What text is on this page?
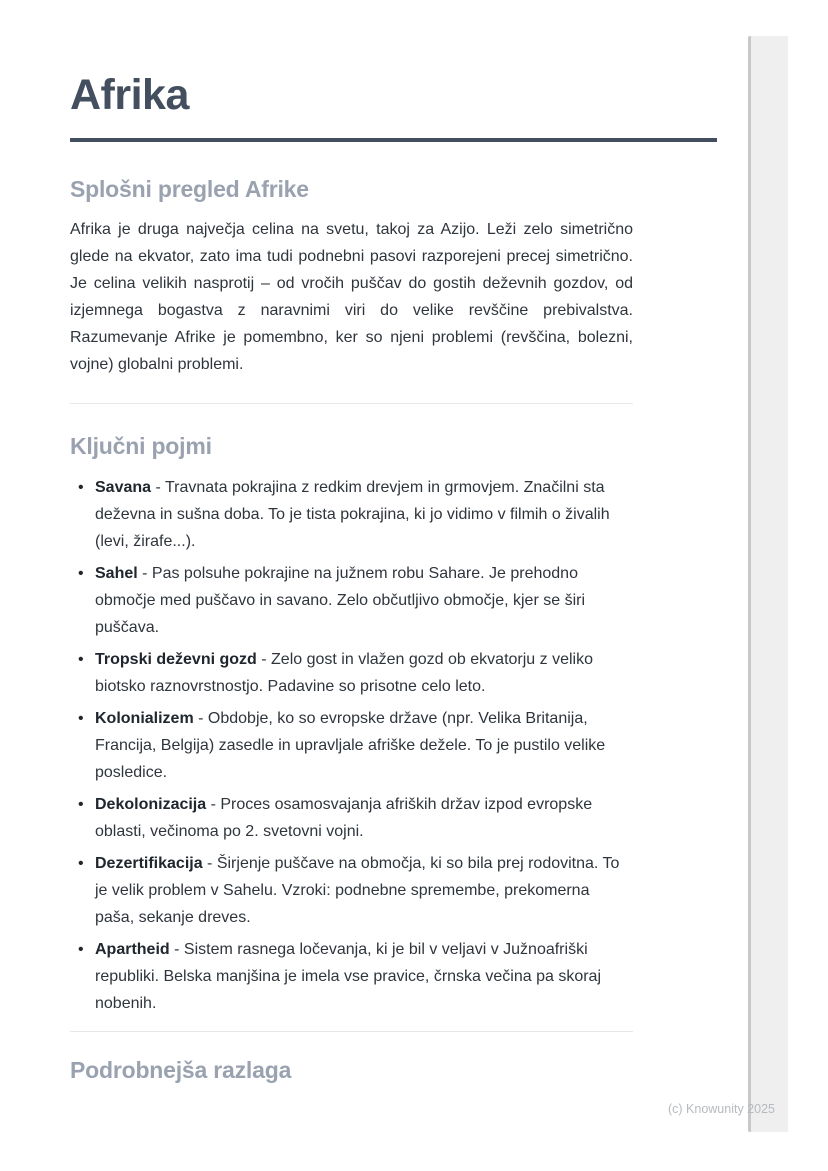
Afrika
Splošni pregled Afrike

Afrika je druga največja celina na svetu, takoj za Azijo. Leži zelo simetrično glede na ekvator, zato ima tudi podnebni pasovi razporejeni precej simetrično. Je celina velikih nasprotij – od vročih puščav do gostih deževnih gozdov, od izjemnega bogastva z naravnimi viri do velike revščine prebivalstva. Razumevanje Afrike je pomembno, ker so njeni problemi (revščina, bolezni, vojne) globalni problemi.

Ključni pojmi
• Savana - Travnata pokrajina z redkim drevjem in grmovjem. Značilni sta deževna in sušna doba. To je tista pokrajina, ki jo vidimo v filmih o živalih (levi, žirafe...).
• Sahel - Pas polsuhe pokrajine na južnem robu Sahare. Je prehodno območje med puščavo in savano. Zelo občutljivo območje, kjer se širi puščava.
• Tropski deževni gozd - Zelo gost in vlažen gozd ob ekvatorju z veliko biotsko raznovrstnostjo. Padavine so prisotne celo leto.
• Kolonializem - Obdobje, ko so evropske države (npr. Velika Britanija, Francija, Belgija) zasedle in upravljale afriške dežele. To je pustilo velike posledice.
• Dekolonizacija - Proces osamosvajanja afriških držav izpod evropske oblasti, večinoma po 2. svetovni vojni.
• Dezertifikacija - Širjenje puščave na območja, ki so bila prej rodovitna. To je velik problem v Sahelu. Vzroki: podnebne spremembe, prekomerna paša, sekanje dreves.
• Apartheid - Sistem rasnega ločevanja, ki je bil v veljavi v Južnoafriški republiki. Belska manjšina je imela vse pravice, črnska večina pa skoraj nobenih.
Podrobnejša razlaga
(c) Knowunity 2025
